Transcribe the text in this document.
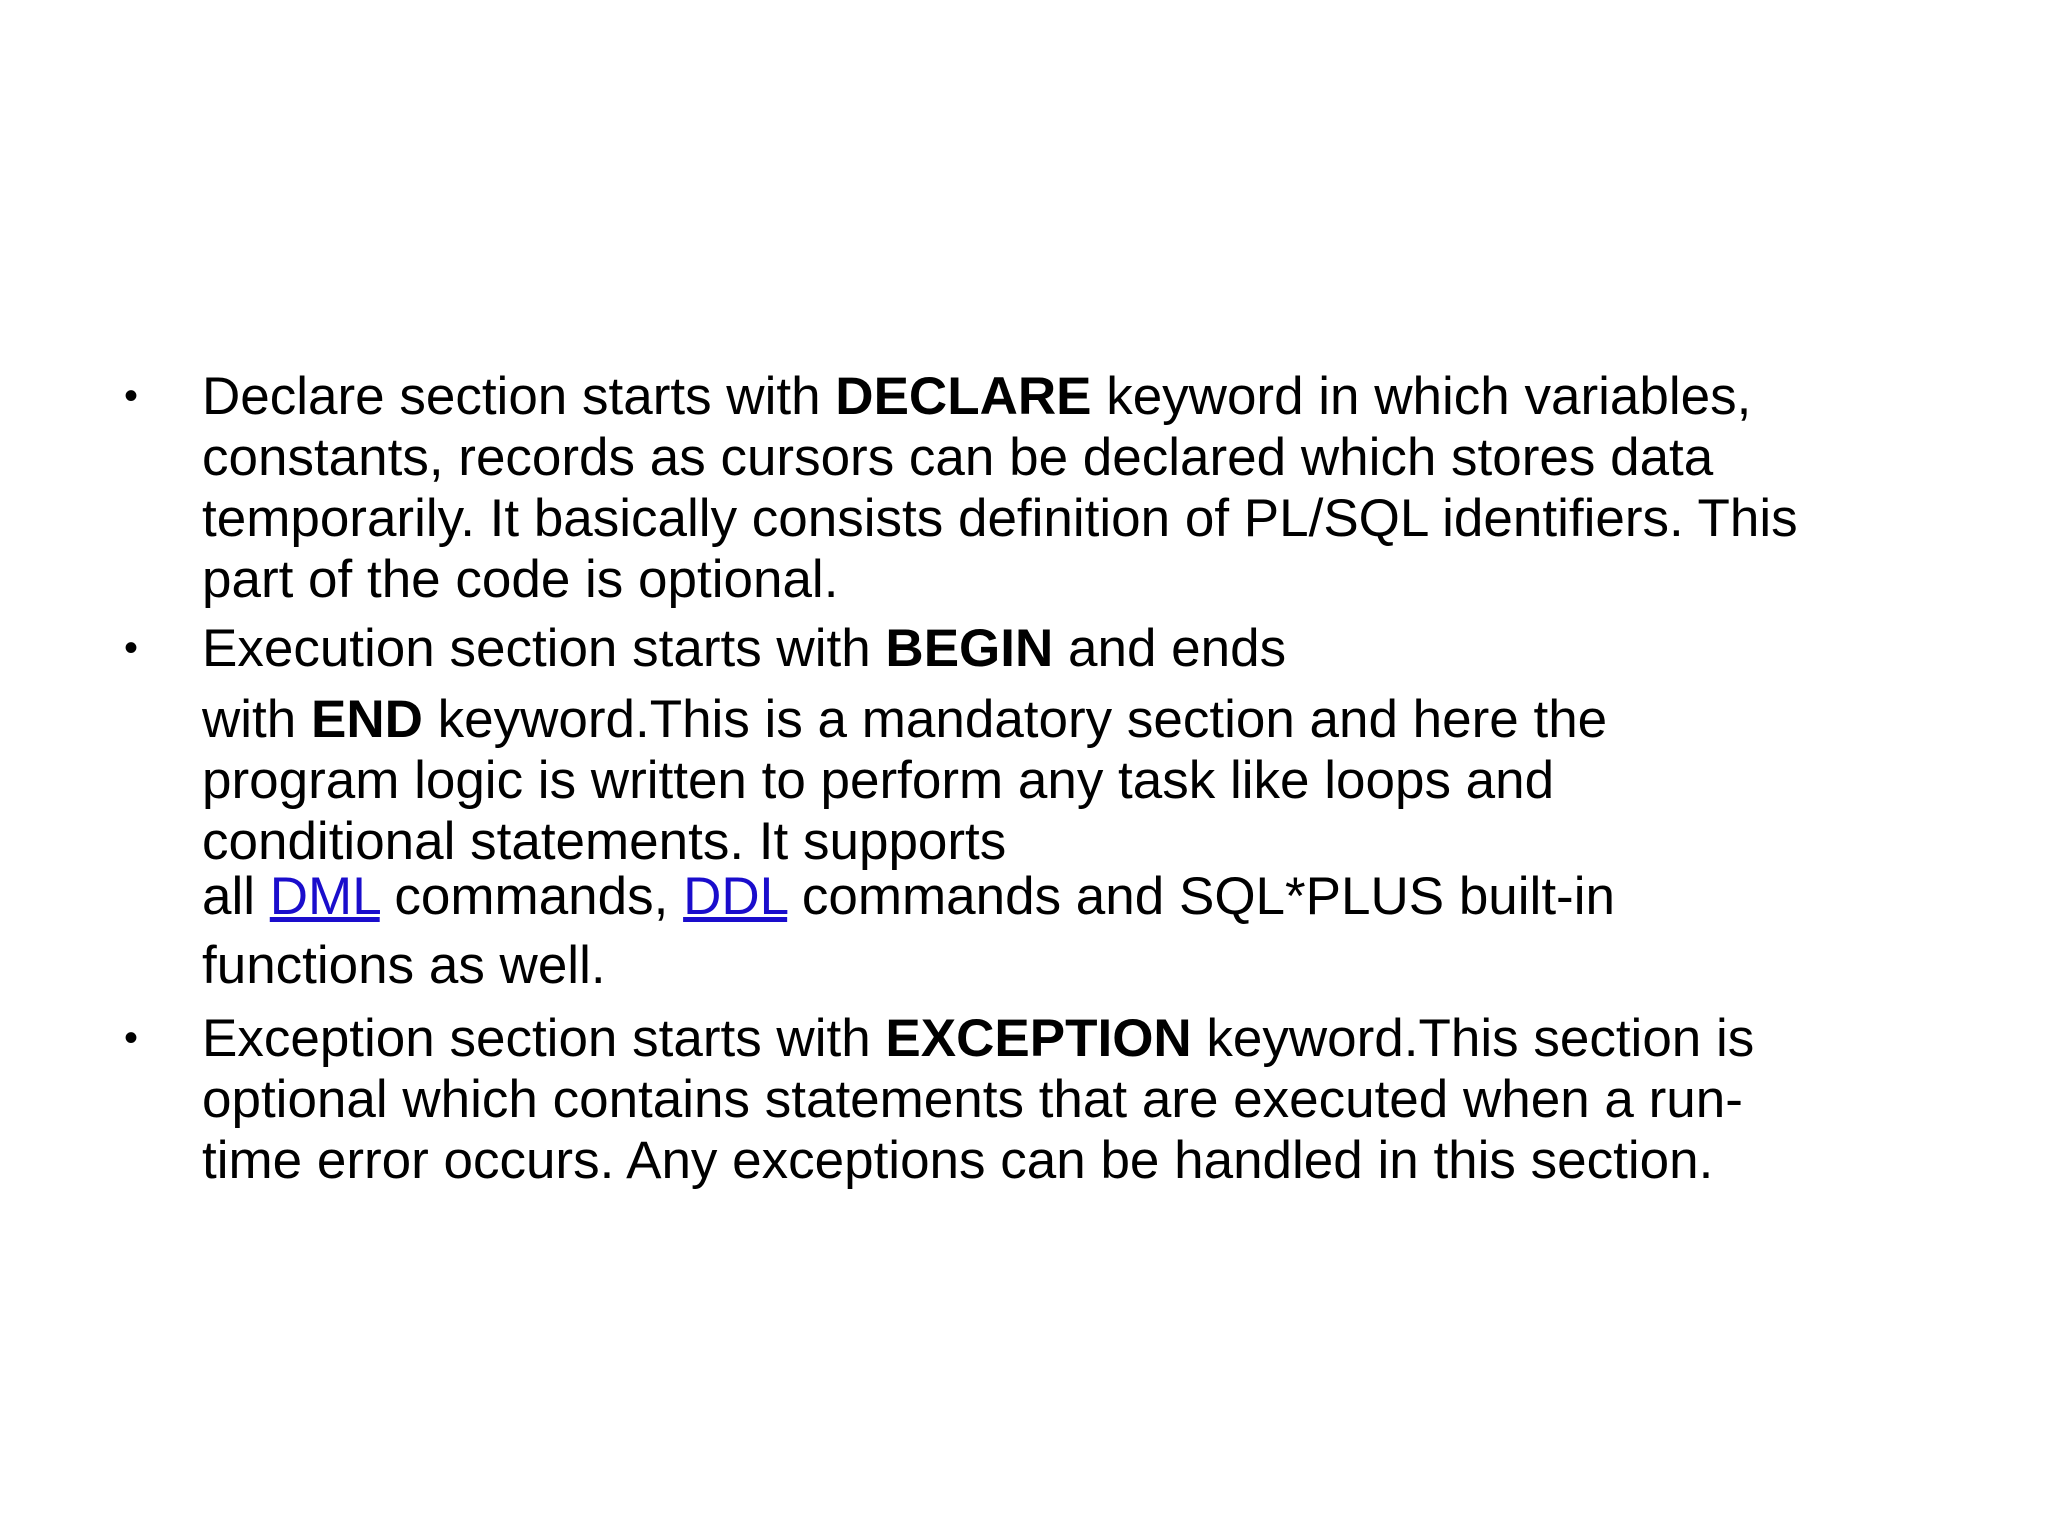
•	Declare section starts with DECLARE keyword in which variables,
constants, records as cursors can be declared which stores data
temporarily. It basically consists definition of PL/SQL identifiers. This
part of the code is optional.
•	Execution section starts with BEGIN and ends
with END keyword.This is a mandatory section and here the
program logic is written to perform any task like loops and
conditional statements. It supports
all DML commands, DDL commands and SQL*PLUS built-in
functions as well.
•	Exception section starts with EXCEPTION keyword.This section is
optional which contains statements that are executed when a run-
time error occurs. Any exceptions can be handled in this section.
